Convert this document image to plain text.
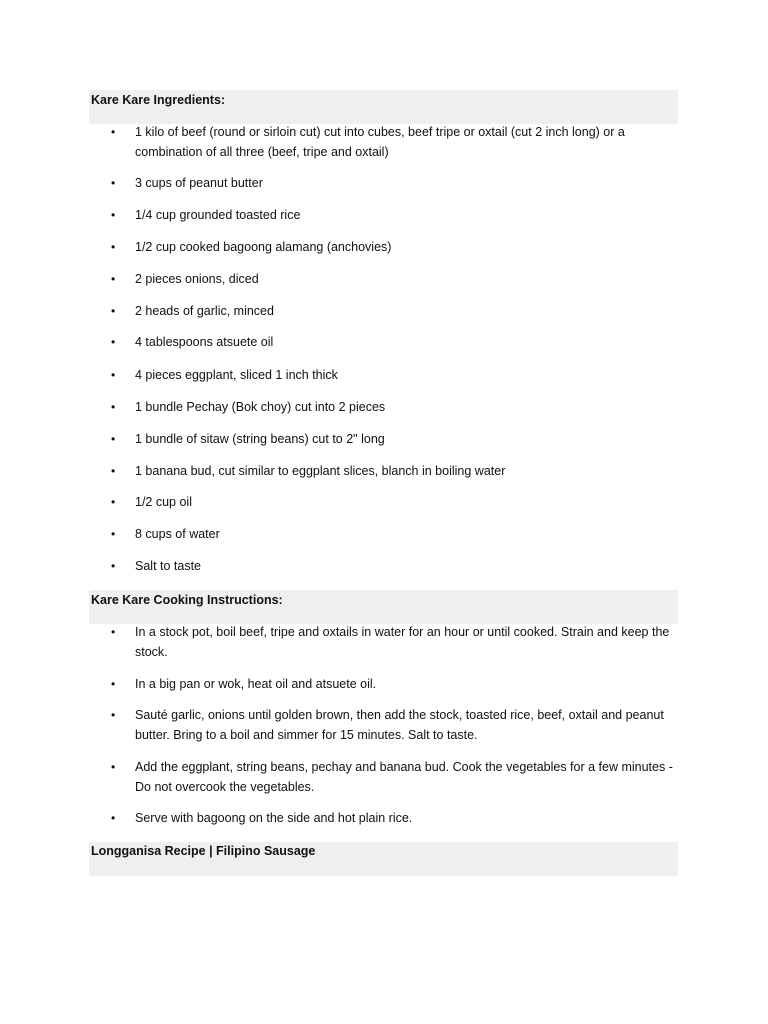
Kare Kare Ingredients:
• 1 kilo of beef (round or sirloin cut) cut into cubes, beef tripe or oxtail (cut 2 inch long) or a combination of all three (beef, tripe and oxtail)
• 3 cups of peanut butter
• 1/4 cup grounded toasted rice
• 1/2 cup cooked bagoong alamang (anchovies)
• 2 pieces onions, diced
• 2 heads of garlic, minced
• 4 tablespoons atsuete oil
• 4 pieces eggplant, sliced 1 inch thick
• 1 bundle Pechay (Bok choy) cut into 2 pieces
• 1 bundle of sitaw (string beans) cut to 2" long
• 1 banana bud, cut similar to eggplant slices, blanch in boiling water
• 1/2 cup oil
• 8 cups of water
• Salt to taste
Kare Kare Cooking Instructions:
• In a stock pot, boil beef, tripe and oxtails in water for an hour or until cooked. Strain and keep the stock.
• In a big pan or wok, heat oil and atsuete oil.
• Sauté garlic, onions until golden brown, then add the stock, toasted rice, beef, oxtail and peanut butter. Bring to a boil and simmer for 15 minutes. Salt to taste.
• Add the eggplant, string beans, pechay and banana bud. Cook the vegetables for a few minutes - Do not overcook the vegetables.
• Serve with bagoong on the side and hot plain rice.
Longganisa Recipe | Filipino Sausage
